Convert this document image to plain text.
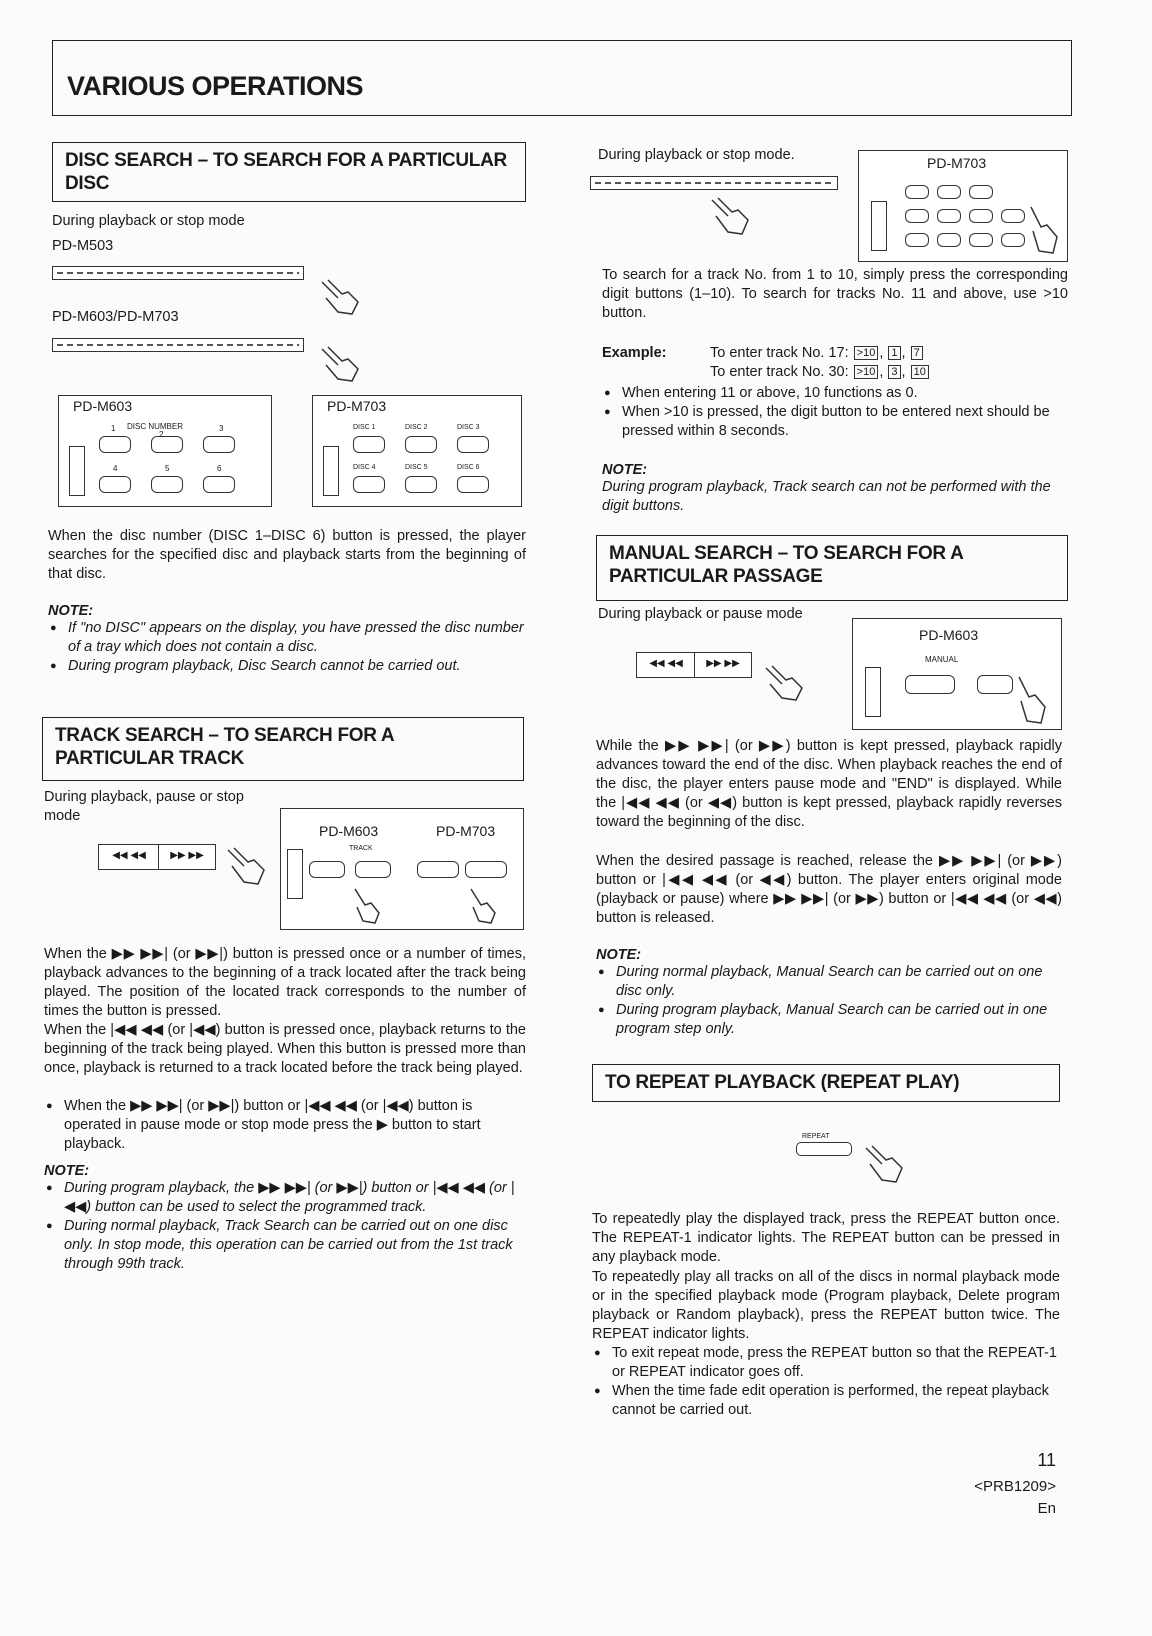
VARIOUS OPERATIONS
DISC SEARCH – TO SEARCH FOR A PARTICULAR DISC
During playback or stop mode
PD-M503
PD-M603/PD-M703
PD-M603
DISC NUMBER
1
2
3
4	5	6
PD-M703
DISC 1	DISC 2	DISC 3
DISC 4	DISC 5	DISC 6
When the disc number (DISC 1–DISC 6) button is pressed, the player searches for the specified disc and playback starts from the beginning of that disc.
NOTE:
● If "no DISC" appears on the display, you have pressed the disc number of a tray which does not contain a disc.
● During program playback, Disc Search cannot be carried out.
TRACK SEARCH – TO SEARCH FOR A PARTICULAR TRACK
During playback, pause or stop mode
◀◀ ◀◀	▶▶ ▶▶
PD-M603	PD-M703
TRACK
When the ▶▶ ▶▶| (or ▶▶|) button is pressed once or a number of times, playback advances to the beginning of a track located after the track being played. The position of the located track corresponds to the number of times the button is pressed.
When the |◀◀ ◀◀ (or |◀◀) button is pressed once, playback returns to the beginning of the track being played. When this button is pressed more than once, playback is returned to a track located before the track being played.
● When the ▶▶ ▶▶| (or ▶▶|) button or |◀◀ ◀◀ (or |◀◀) button is operated in pause mode or stop mode press the ▶ button to start playback.
NOTE:
● During program playback, the ▶▶ ▶▶| (or ▶▶|) button or |◀◀ ◀◀ (or |◀◀) button can be used to select the programmed track.
● During normal playback, Track Search can be carried out on one disc only. In stop mode, this operation can be carried out from the 1st track through 99th track.
During playback or stop mode.	PD-M703
To search for a track No. from 1 to 10, simply press the corresponding digit buttons (1–10). To search for tracks No. 11 and above, use >10 button.
Example:	To enter track No. 17: >10 , 1 , 7
To enter track No. 30: >10 , 3 , 10
● When entering 11 or above, 10 functions as 0.
● When >10 is pressed, the digit button to be entered next should be pressed within 8 seconds.
NOTE:
During program playback, Track search can not be performed with the digit buttons.
MANUAL SEARCH – TO SEARCH FOR A PARTICULAR PASSAGE
During playback or pause mode
◀◀ ◀◀	▶▶ ▶▶
PD-M603
MANUAL
While the ▶▶ ▶▶| (or ▶▶) button is kept pressed, playback rapidly advances toward the end of the disc. When playback reaches the end of the disc, the player enters pause mode and "END" is displayed. While the |◀◀ ◀◀ (or ◀◀) button is kept pressed, playback rapidly reverses toward the beginning of the disc.
When the desired passage is reached, release the ▶▶ ▶▶| (or ▶▶) button or |◀◀ ◀◀ (or ◀◀) button. The player enters original mode (playback or pause) where ▶▶ ▶▶| (or ▶▶) button or |◀◀ ◀◀ (or ◀◀) button is released.
NOTE:
● During normal playback, Manual Search can be carried out on one disc only.
● During program playback, Manual Search can be carried out in one program step only.
TO REPEAT PLAYBACK (REPEAT PLAY)
REPEAT
To repeatedly play the displayed track, press the REPEAT button once. The REPEAT-1 indicator lights. The REPEAT button can be pressed in any playback mode.
To repeatedly play all tracks on all of the discs in normal playback mode or in the specified playback mode (Program playback, Delete program playback or Random playback), press the REPEAT button twice. The REPEAT indicator lights.
● To exit repeat mode, press the REPEAT button so that the REPEAT-1 or REPEAT indicator goes off.
● When the time fade edit operation is performed, the repeat playback cannot be carried out.
11
<PRB1209>
En
